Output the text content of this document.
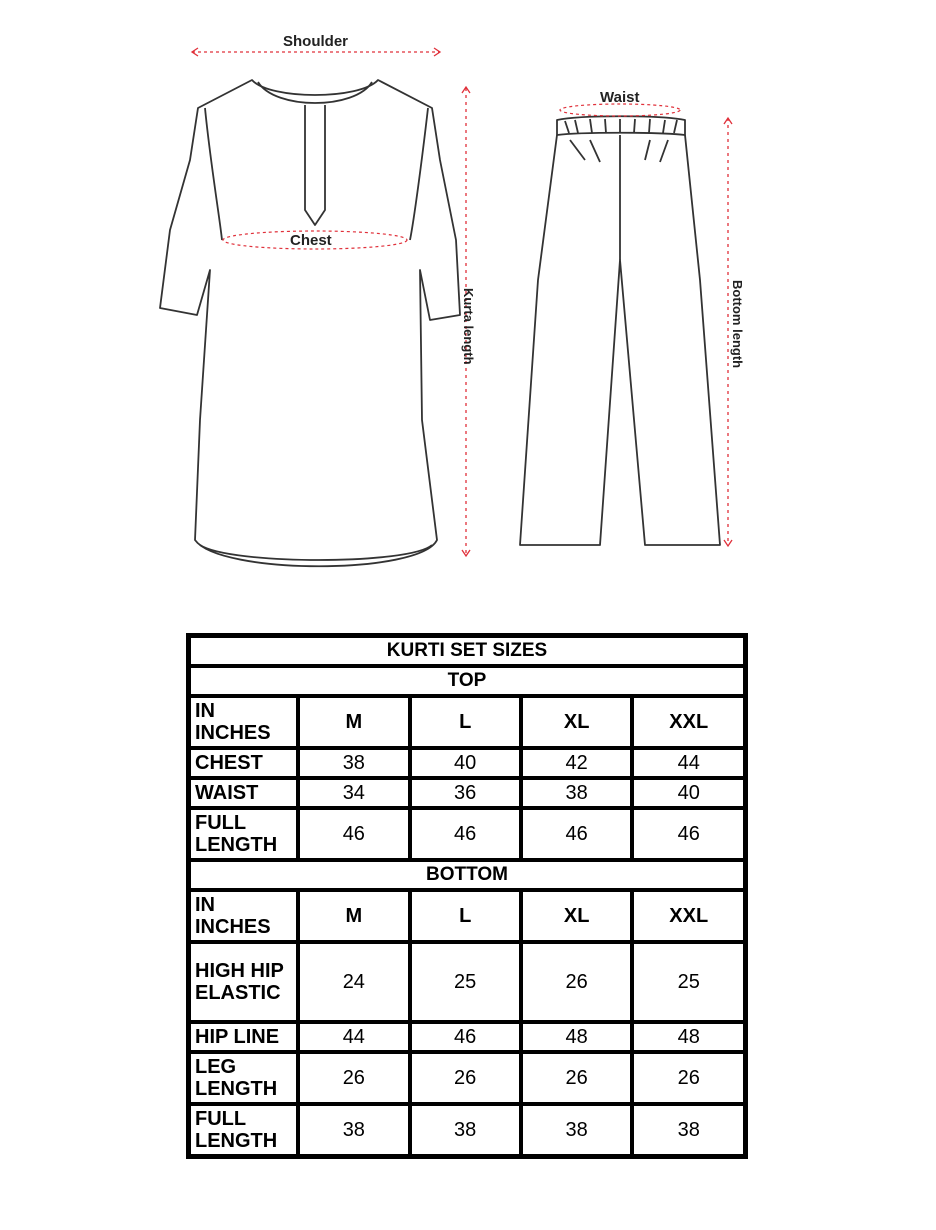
Shoulder
Chest
Waist
Kurta length	Bottom length
KURTI SET SIZES				
TOP				
IN INCHES	M	L	XL	XXL
CHEST	38	40	42	44
WAIST	34	36	38	40
FULL LENGTH	46	46	46	46
BOTTOM				
IN INCHES	M	L	XL	XXL
HIGH HIP ELASTIC	24	25	26	25
HIP LINE	44	46	48	48
LEG LENGTH	26	26	26	26
FULL LENGTH	38	38	38	38
